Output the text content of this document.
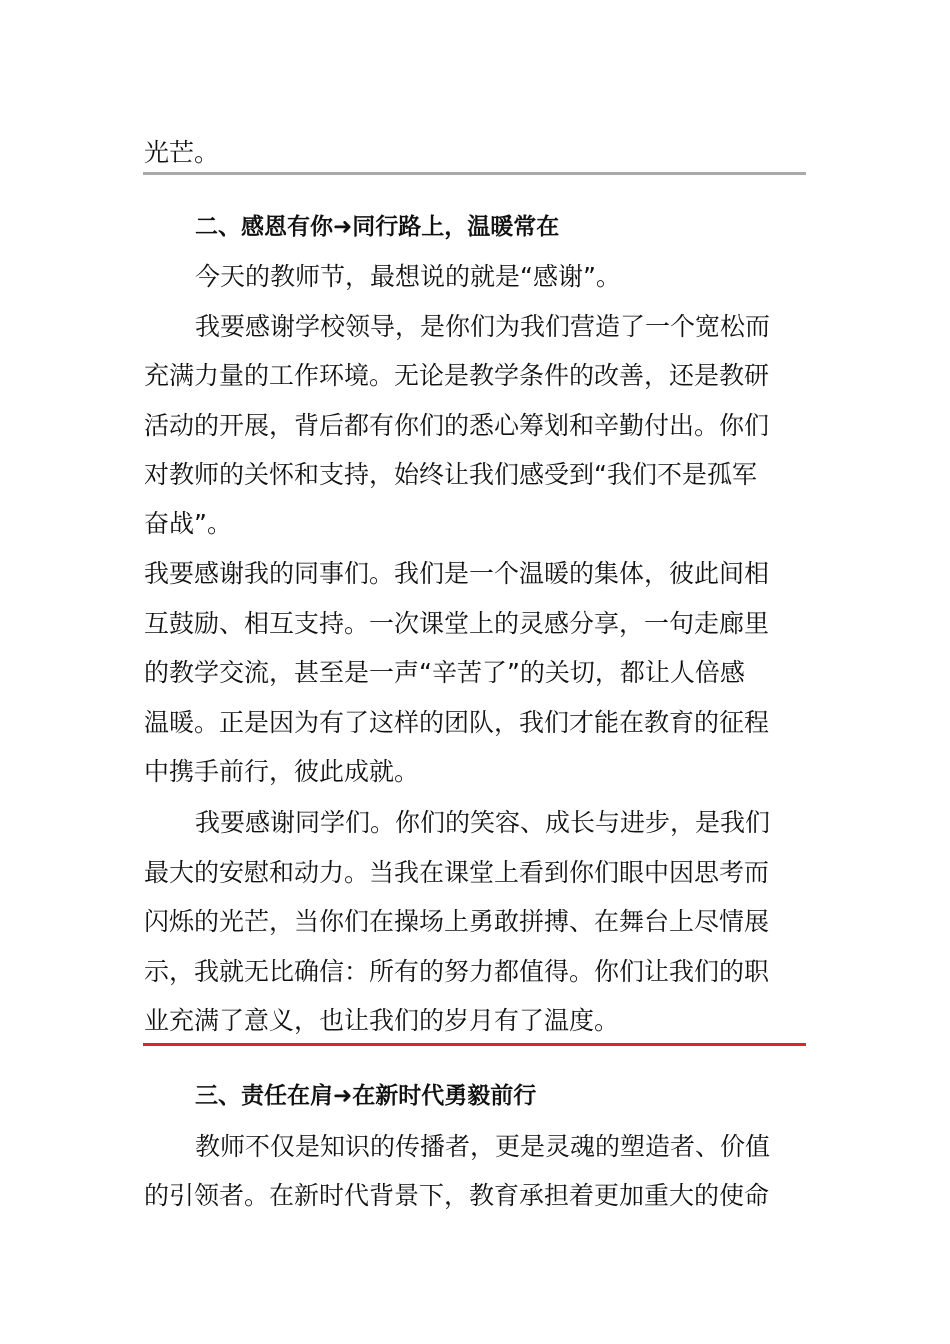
光芒。
二、感恩有你➜同行路上，温暖常在
今天的教师节，最想说的就是“感谢”。
我要感谢学校领导，是你们为我们营造了一个宽松而
充满力量的工作环境。无论是教学条件的改善，还是教研
活动的开展，背后都有你们的悉心筹划和辛勤付出。你们
对教师的关怀和支持，始终让我们感受到“我们不是孤军
奋战”。
我要感谢我的同事们。我们是一个温暖的集体，彼此间相
互鼓励、相互支持。一次课堂上的灵感分享，一句走廊里
的教学交流，甚至是一声“辛苦了”的关切，都让人倍感
温暖。正是因为有了这样的团队，我们才能在教育的征程
中携手前行，彼此成就。
我要感谢同学们。你们的笑容、成长与进步，是我们
最大的安慰和动力。当我在课堂上看到你们眼中因思考而
闪烁的光芒，当你们在操场上勇敢拼搏、在舞台上尽情展
示，我就无比确信：所有的努力都值得。你们让我们的职
业充满了意义，也让我们的岁月有了温度。
三、责任在肩➜在新时代勇毅前行
教师不仅是知识的传播者，更是灵魂的塑造者、价值
的引领者。在新时代背景下，教育承担着更加重大的使命
